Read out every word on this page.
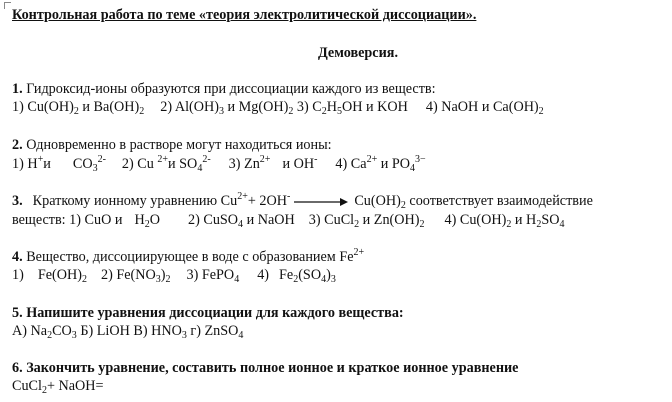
Контрольная работа по теме «теория электролитической диссоциации».
Демоверсия.
1. Гидроксид-ионы образуются при диссоциации каждого из веществ:
1) $Cu(OH)_2$ и $Ba(OH)_2$ 2) $Al(OH)_3$ и $Mg(OH)_2$ 3) $C_2H_5OH$ и KOH 4) NaOH и $Ca(OH)_2$
2. Одновременно в растворе могут находиться ионы:
1) H+и $CO_3^{2-}$ 2) Cu $^{2+}$и $SO_4^{2-}$ 3) $Zn^{2+}$ и OH- 4) $Ca^{2+}$ и $PO_4^{3-}$
3. Краткому ионному уравнению $Cu^{2+}+ 2OH^-$	$Cu(OH)_2$ соответствует взаимодействие
веществ: 1) CuO и $H_2O$ 2) CuSO$_4$ и NaOH 3) CuCl$_2$ и $Zn(OH)_2$ 4) $Cu(OH)_2$ и $H_2SO_4$
4. Вещество, диссоциирующее в воде с образованием $Fe^{2+}$
1) $Fe(OH)_2$ 2) $Fe(NO_3)_2$ 3) FePO$_4$ 4) $Fe_2(SO_4)_3$
5. Напишите уравнения диссоциации для каждого вещества:
А) $Na_2CO_3$ Б) LiOH В) $HNO_3$ г) ZnSO$_4$
6. Закончить уравнение, составить полное ионное и краткое ионное уравнение
CuCl$_2$+ NaOH=
